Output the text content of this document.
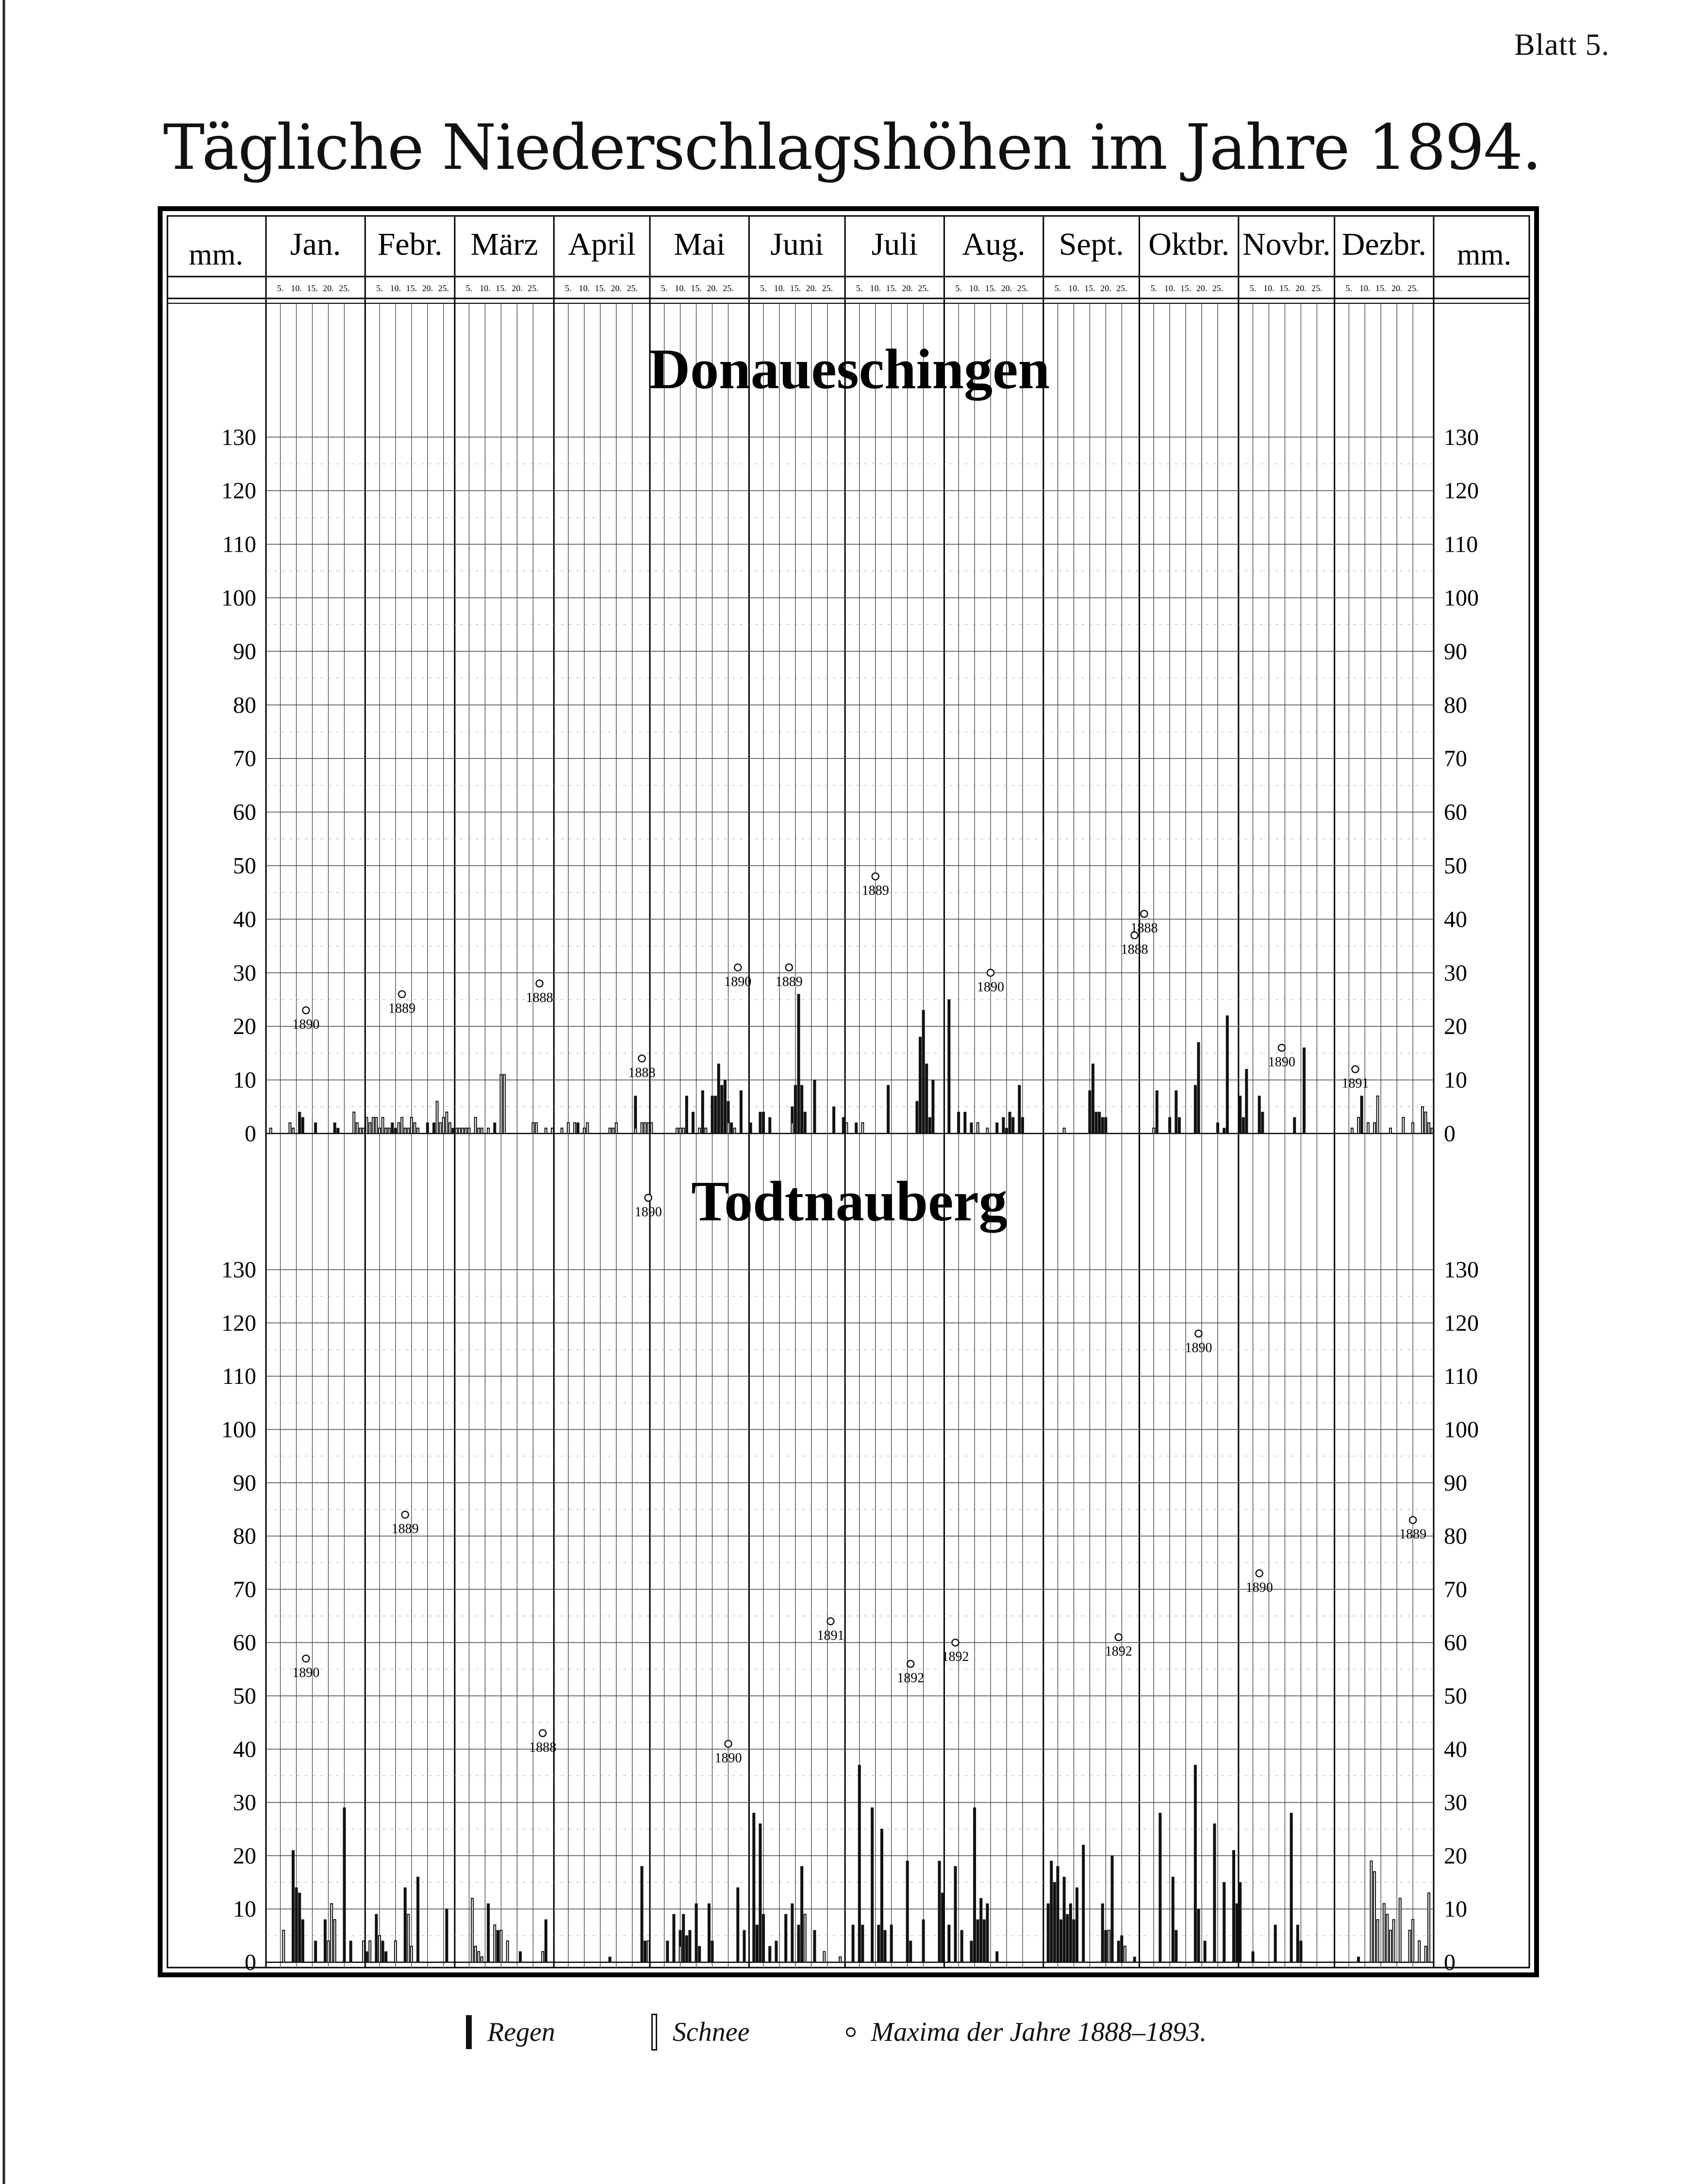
Blatt 5.
Tägliche Niederschlagshöhen im Jahre 1894.
mm.	mm.
Jan.
5. 10. 15. 20. 25.
Febr.
5. 10. 15. 20. 25.
März
5. 10. 15. 20. 25.
April
5. 10. 15. 20. 25.
Mai
5. 10. 15. 20. 25.
Juni
5. 10. 15. 20. 25.
Juli
5. 10. 15. 20. 25.
Aug.
5. 10. 15. 20. 25.
Sept.
5. 10. 15. 20. 25.
Oktbr.
5. 10. 15. 20. 25.
Novbr.
5. 10. 15. 20. 25.
Dezbr.
5. 10. 15. 20. 25.
0
10
20
30
40
50
60
70
80
90
100
110
120
130
0
10
20
30
40
50
60
70
80
90
100
110
120
130
0
10
20
30
40
50
60
70
80
90
100
110
120
130
0
10
20
30
40
50
60
70
80
90
100
110
120
130
1890
1889
1888
1888
1890 1889
1889
1890
1888
1888
1890
1891
1890
1890
1889
1888
1890
1891
1892
1892	1892
1890
1890
1889
Donaueschingen
Todtnauberg
Regen	Schnee	Maxima der Jahre 1888–1893.
